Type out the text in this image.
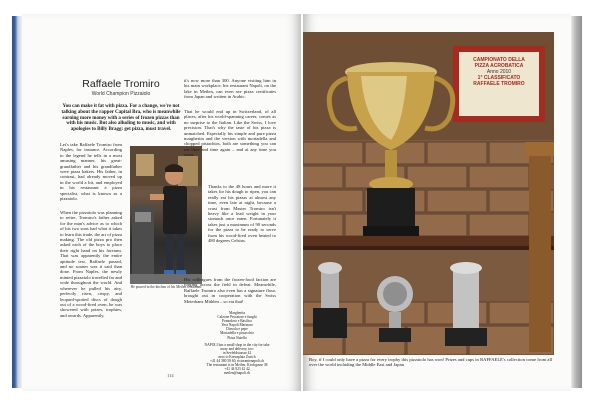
Raffaele Tromiro
World Champion Pizzaiolo
You can make it fat with pizza. For a change, we're not talking about the rapper Capital Bra, who is meanwhile earning more money with a series of frozen pizzas than with his music. But also alluding to music, and with apologies to Billy Bragg: get pizza, must travel.
Let's take Raffaele Tromiro from Naples, for instance. According to the legend he tells in a most amusing manner, his great-grandfather and his grandfather were pizza bakers. His father, in contrast, had already moved up in the world a bit, and employed in his restaurant a pizza specialist, what is known as a pizzaiolo.
When the pizzaiolo was planning to retire, Tromiro's father asked for the man's advice as to which of his two sons had what it takes to learn this trade, the art of pizza making. The old pizza pro then asked each of the boys to place their right hand on his forearm. That was apparently the entire aptitude test. Raffaele passed, and no sooner was it said than done. From Naples, the newly minted pizzaiolo travelled far and wide throughout the world. And wherever he pulled his airy, perfectly risen, crispy, and leopard-spotted discs of dough out of a wood-fired oven, he was showered with prizes, trophies, and awards. Apparently,
He poured in the kitchen of his Meilen restaurant
it's now more than 300. Anyone visiting him in his main workplace, his restaurant Napoli, on the lake in Meilen, can even see pizza certificates from Japan and written in Arabic.
That he would end up in Switzerland, of all places, after his world-spanning career, comes as no surprise to the Italian. Like the Swiss, I love precision. That's why the taste of his pizza is unmatched. Especially his simple and pure pizza margherita and the version with mortadella and chopped pistachios, both are something you can eat time and time again – and at any time you want.
Thanks to the 48 hours and more it takes for his dough to ripen, you can really eat his pizzas at almost any time, even late at night, because a crust from Master Tromiro isn't heavy like a lead weight in your stomach once eaten. Fortunately it takes just a maximum of 90 seconds for the pizza to be ready to serve from his wood-fired oven heated to 480 degrees Celsius.
His colleagues from the frozen-food faction are forging across the field in defeat. Meanwhile, Raffaele Tromiro also even has a signature flour, brought out in cooperation with the Swiss Meierhans Mühlen – so eat that!
Margherita
Calzone Pescatore e funghi
Pomodoro e Basilico
Vera Napoli Marinara
Diavola e pepe
Mortadella e pistacchio
Pizza Nutella
NAPOLI has a small shop in the city for take away and delivery, too:
in Seefeldstrasse 42
next to Kreuzplatz Zurich
+41 44 380 58 60, ristorantenapoli.ch
The restaurant is in Meilen, Kirchgasse 38
+41 44 923 42 42
meilen@napoli.ch
114
CAMPIONATO DELLA
PIZZA ACROBATICA
Anno 2010
1° CLASSIFICATO
RAFFAELE TROMIRO
Boy, if I could only have a pizza for every trophy this pizzaiolo has won! Prizes and cups in RAFFAELE's collection come from all over the world including the Middle East and Japan
